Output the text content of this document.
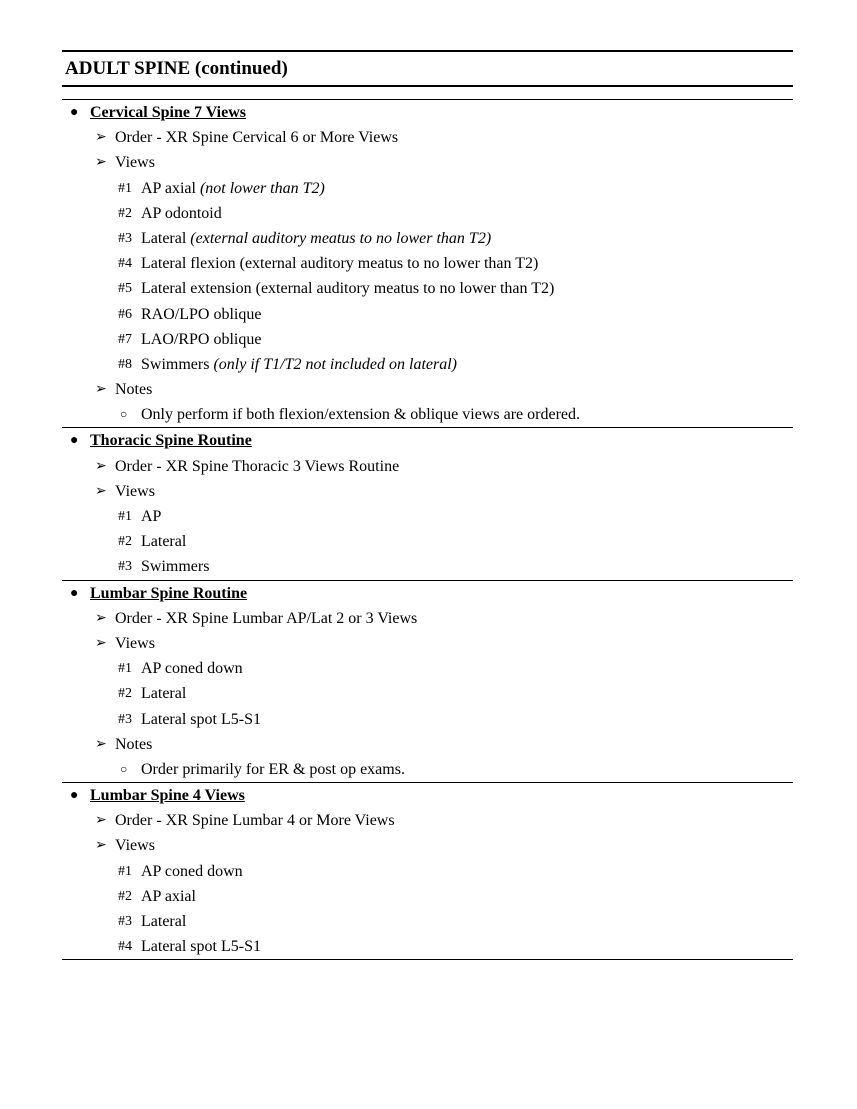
ADULT SPINE (continued)
● Cervical Spine 7 Views
➢ Order - XR Spine Cervical 6 or More Views
➢ Views
#1 AP axial (not lower than T2)
#2 AP odontoid
#3 Lateral (external auditory meatus to no lower than T2)
#4 Lateral flexion (external auditory meatus to no lower than T2)
#5 Lateral extension (external auditory meatus to no lower than T2)
#6 RAO/LPO oblique
#7 LAO/RPO oblique
#8 Swimmers (only if T1/T2 not included on lateral)
➢ Notes
○ Only perform if both flexion/extension & oblique views are ordered.
● Thoracic Spine Routine
➢ Order - XR Spine Thoracic 3 Views Routine
➢ Views
#1 AP
#2 Lateral
#3 Swimmers
● Lumbar Spine Routine
➢ Order - XR Spine Lumbar AP/Lat 2 or 3 Views
➢ Views
#1 AP coned down
#2 Lateral
#3 Lateral spot L5-S1
➢ Notes
○ Order primarily for ER & post op exams.
● Lumbar Spine 4 Views
➢ Order - XR Spine Lumbar 4 or More Views
➢ Views
#1 AP coned down
#2 AP axial
#3 Lateral
#4 Lateral spot L5-S1
